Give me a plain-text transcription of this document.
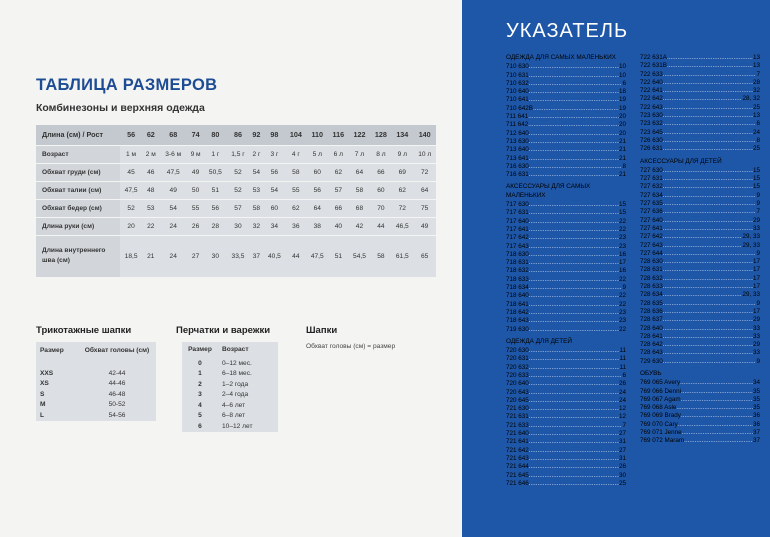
ТАБЛИЦА РАЗМЕРОВ
Комбинезоны и верхняя одежда
Длина (см) / Рост	56	62	68	74	80	86	92	98	104	110	116	122	128	134	140
Возраст	1 м	2 м	3-6 м	9 м	1 г	1,5 г	2 г	3 г	4 г	5 л	6 л	7 л	8 л	9 л	10 л
Обхват груди (см)	45	46	47,5	49	50,5	52	54	56	58	60	62	64	66	69	72
Обхват талии (см)	47,5	48	49	50	51	52	53	54	55	56	57	58	60	62	64
Обхват бедер (см)	52	53	54	55	56	57	58	60	62	64	66	68	70	72	75
Длина руки (см)	20	22	24	26	28	30	32	34	36	38	40	42	44	46,5	49
Длина внутреннего шва (см)	18,5	21	24	27	30	33,5	37	40,5	44	47,5	51	54,5	58	61,5	65
Трикотажные шапки
Размер	Обхват головы (см)
XXS	42-44
XS	44-46
S	46-48
M	50-52
L	54-56
Перчатки и варежки
Размер	Возраст
0	0–12 мес.
1	6–18 мес.
2	1–2 года
3	2–4 года
4	4–6 лет
5	6–8 лет
6	10–12 лет
Шапки
Обхват головы (см) = размер
УКАЗАТЕЛЬ
ОДЕЖДА ДЛЯ САМЫХ МАЛЕНЬКИХ
710 630 .....	10
710 631 .....	10
710 632 .....	6
710 640 .....	18
710 641 .....	19
710 642B .....	19
711 641 .....	20
711 642 .....	20
712 640 .....	20
713 630 .....	21
713 640 .....	21
713 641 .....	21
716 630 .....	8
716 631 .....	21
АКСЕССУАРЫ ДЛЯ САМЫХ МАЛЕНЬКИХ
717 630 .....	15
717 631 .....	15
717 640 .....	22
717 641 .....	22
717 642 .....	23
717 643 .....	23
718 630 .....	16
718 631 .....	17
718 632 .....	16
718 633 .....	22
718 634 .....	9
718 640 .....	22
718 641 .....	22
718 642 .....	23
718 643 .....	23
719 630 .....	22
ОДЕЖДА ДЛЯ ДЕТЕЙ
720 630 .....	11
720 631 .....	11
720 632 .....	11
720 633 .....	6
720 640 .....	26
720 643 .....	24
720 645 .....	24
721 630 .....	12
721 631 .....	12
721 633 .....	7
721 640 .....	27
721 641 .....	31
721 642 .....	27
721 643 .....	31
721 644 .....	26
721 645 .....	30
721 646 .....	25
722 631A .....	13
722 631B .....	13
722 633 .....	7
722 640 .....	28
722 641 .....	32
722 642 .....	28, 32
722 643 .....	25
723 630 .....	13
723 632 .....	6
723 645 .....	24
726 630 .....	8
726 631 .....	25
АКСЕССУАРЫ ДЛЯ ДЕТЕЙ
727 630 .....	15
727 631 .....	15
727 632 .....	15
727 634 .....	9
727 635 .....	9
727 636 .....	7
727 640 .....	29
727 641 .....	33
727 642 .....	29, 33
727 643 .....	29, 33
727 644 .....	9
728 630 .....	17
728 631 .....	17
728 632 .....	17
728 633 .....	17
728 634 .....	29, 33
728 635 .....	9
728 636 .....	17
728 637 .....	29
728 640 .....	33
728 641 .....	33
728 642 .....	29
728 643 .....	33
729 630 .....	9
ОБУВЬ
769 065 Avery .....	34
769 066 Denni .....	35
769 067 Agam .....	35
769 068 Asle .....	35
769 069 Brady .....	36
769 070 Cary .....	36
769 071 Jenne .....	37
769 072 Maram .....	37
